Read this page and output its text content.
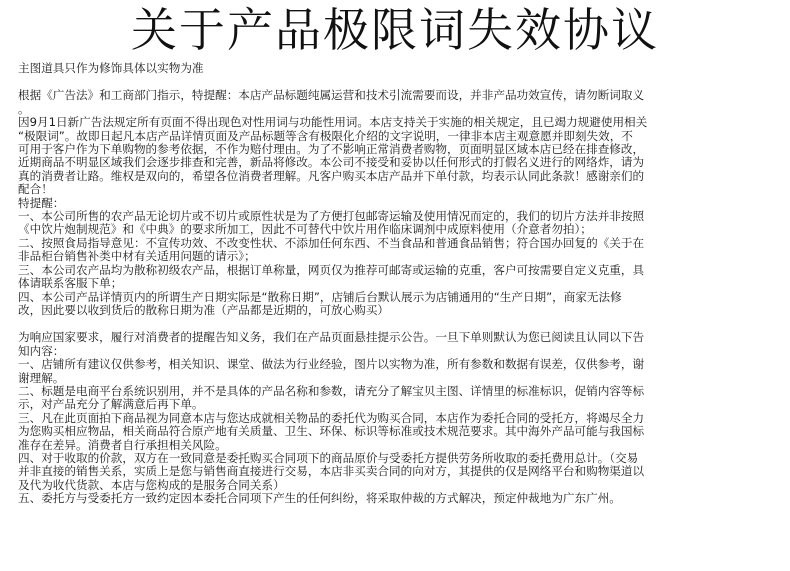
关于产品极限词失效协议

主图道具只作为修饰具体以实物为准

根据《广告法》和工商部门指示，特提醒：本店产品标题纯属运营和技术引流需要而设，并非产品功效宣传，请勿断词取义
。
因9月1日新广告法规定所有页面不得出现色对性用词与功能性用词。本店支持关于实施的相关规定，且已竭力规避使用相关
“极限词”。故即日起凡本店产品详情页面及产品标题等含有极限化介绍的文字说明，一律非本店主观意愿并即刻失效，不
可用于客户作为下单购物的参考依据，不作为赔付理由。为了不影响正常消费者购物，页面明显区域本店已经在排查修改，
近期商品不明显区域我们会逐步排查和完善，新品将修改。本公司不接受和妥协以任何形式的打假名义进行的网络炸，请为
真的消费者让路。维权是双向的，希望各位消费者理解。凡客户购买本店产品并下单付款，均表示认同此条款！感谢亲们的
配合！
特提醒：
一、本公司所售的农产品无论切片或不切片或原性状是为了方便打包邮寄运输及使用情况而定的，我们的切片方法并非按照
《中饮片炮制规范》和《中典》的要求所加工，因此不可替代中饮片用作临床调剂中成原料使用（介意者勿拍）；
二、按照食局指导意见：不宣传功效、不改变性状、不添加任何东西、不当食品和普通食品销售；符合国办回复的《关于在
非品柜台销售补类中材有关适用问题的请示》；
三、本公司农产品均为散称初级农产品，根据订单称量，网页仅为推荐可邮寄或运输的克重，客户可按需要自定义克重，具
体请联系客服下单；
四、本公司产品详情页内的所谓生产日期实际是“散称日期”，店铺后台默认展示为店铺通用的“生产日期”，商家无法修
改，因此要以收到货后的散称日期为准（产品都是近期的，可放心购买）
为响应国家要求，履行对消费者的提醒告知义务，我们在产品页面悬挂提示公告。一旦下单则默认为您已阅读且认同以下告
知内容：
一、店铺所有建议仅供参考，相关知识、课堂、做法为行业经验，图片以实物为准，所有参数和数据有误差，仅供参考，谢
谢理解。
二、标题是电商平台系统识别用，并不是具体的产品名称和参数，请充分了解宝贝主图、详情里的标准标识，促销内容等标
示，对产品充分了解满意后再下单。
三、凡在此页面拍下商品视为同意本店与您达成就相关物品的委托代为购买合同，本店作为委托合同的受托方，将竭尽全力
为您购买相应物品，相关商品符合原产地有关质量、卫生、环保、标识等标准或技术规范要求。其中海外产品可能与我国标
准存在差异。消费者自行承担相关风险。
四、对于收取的价款，双方在一致同意是委托购买合同项下的商品原价与受委托方提供劳务所收取的委托费用总计。（交易
并非直接的销售关系，实质上是您与销售商直接进行交易，本店非买卖合同的向对方，其提供的仅是网络平台和购物渠道以
及代为收代货款、本店与您构成的是服务合同关系）
五、委托方与受委托方一致约定因本委托合同项下产生的任何纠纷，将采取仲裁的方式解决，预定仲裁地为广东广州。
